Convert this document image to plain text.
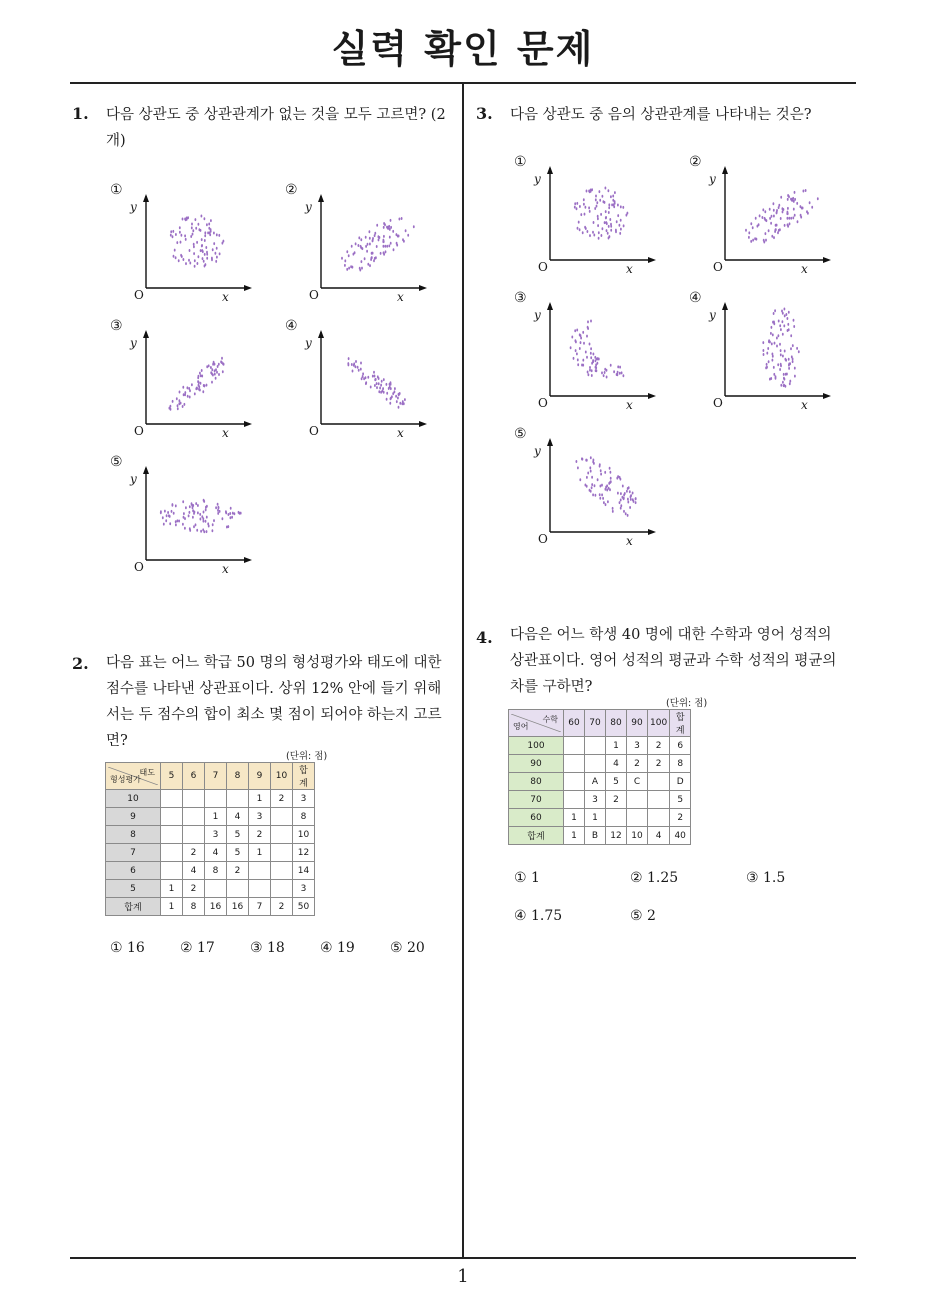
실력 확인 문제
1
1. 다음 상관도 중 상관관계가 없는 것을 모두 고르면? (2
개)
3. 다음 상관도 중 음의 상관관계를 나타내는 것은?
①
y
x
O
②
y
x
O
③
y
x
O
④
y
x
O
⑤
y
x
O
①
y
x
O
②
y
x
O
③
y
x
O
④
y
x
O
⑤
y
x
O
2. 다음 표는 어느 학급 50 명의 형성평가와 태도에 대한
점수를 나타낸 상관표이다. 상위 12% 안에 들기 위해
서는 두 점수의 합이 최소 몇 점이 되어야 하는지 고르
면?
(단위: 점)
태도
형성평가	5	6	7	8	9	10	합계
10					1	2	3
9			1	4	3		8
8			3	5	2		10
7		2	4	5	1		12
6		4	8	2			14
5	1	2					3
합계	1	8	16	16	7	2	50
① 16	② 17	③ 18	④ 19	⑤ 20
4. 다음은 어느 학생 40 명에 대한 수학과 영어 성적의
상관표이다. 영어 성적의 평균과 수학 성적의 평균의
차를 구하면?
(단위: 점)
수학
영어	60	70	80	90	100	합계
100			1	3	2	6
90			4	2	2	8
80		A	5	C		D
70		3	2			5
60	1	1				2
합계	1	B	12	10	4	40
① 1	② 1.25	③ 1.5
④ 1.75	⑤ 2
